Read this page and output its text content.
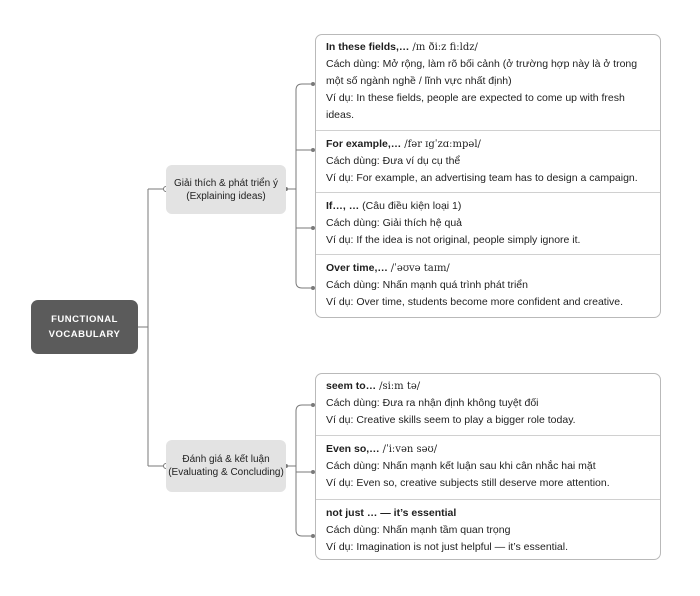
FUNCTIONAL
VOCABULARY
Giải thích & phát triển ý
(Explaining ideas)
Đánh giá & kết luận
(Evaluating & Concluding)
In these fields,… /ɪn ðiːz fiːldz/
Cách dùng: Mở rộng, làm rõ bối cảnh (ở trường hợp này là ở trong một số ngành nghề / lĩnh vực nhất định)
Ví dụ: In these fields, people are expected to come up with fresh ideas.
For example,… /fər ɪgˈzɑːmpəl/
Cách dùng: Đưa ví dụ cụ thể
Ví dụ: For example, an advertising team has to design a campaign.
If…, … (Câu điều kiện loại 1)
Cách dùng: Giải thích hệ quả
Ví dụ: If the idea is not original, people simply ignore it.
Over time,… /ˈəʊvə taɪm/
Cách dùng: Nhấn mạnh quá trình phát triển
Ví dụ: Over time, students become more confident and creative.
seem to… /siːm tə/
Cách dùng: Đưa ra nhận định không tuyệt đối
Ví dụ: Creative skills seem to play a bigger role today.
Even so,… /ˈiːvən səʊ/
Cách dùng: Nhấn mạnh kết luận sau khi cân nhắc hai mặt
Ví dụ: Even so, creative subjects still deserve more attention.
not just … — it’s essential
Cách dùng: Nhấn mạnh tầm quan trọng
Ví dụ: Imagination is not just helpful — it’s essential.
